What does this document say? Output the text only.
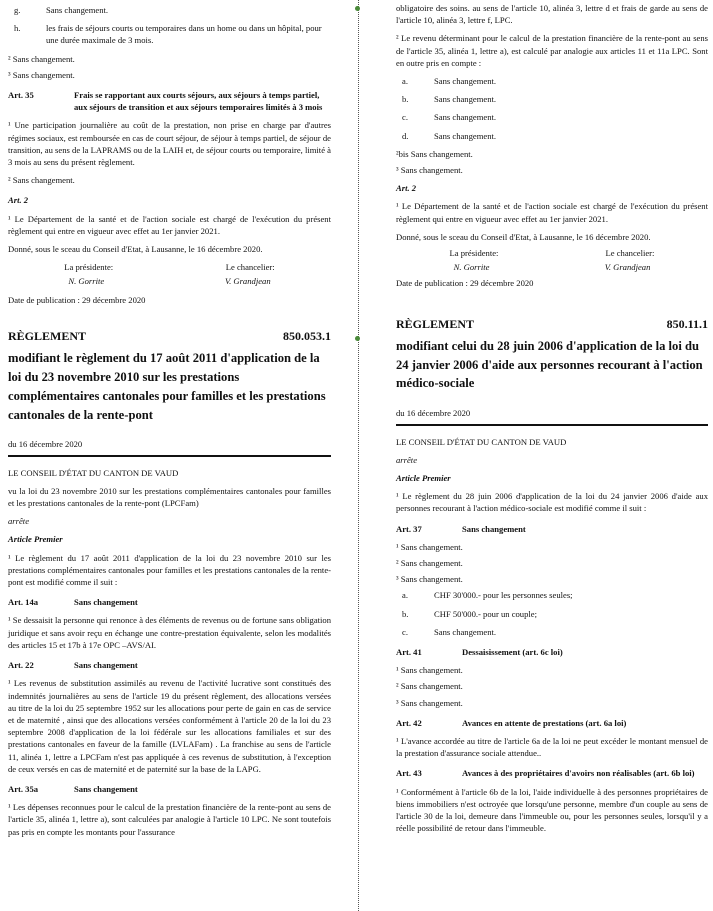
g.	Sans changement.
h.	les frais de séjours courts ou temporaires dans un home ou dans un hôpital, pour une durée maximale de 3 mois.

² Sans changement.

³ Sans changement.

Art. 35	Frais se rapportant aux courts séjours, aux séjours à temps partiel, aux séjours de transition et aux séjours temporaires limités à 3 mois

¹ Une participation journalière au coût de la prestation, non prise en charge par d'autres régimes sociaux, est remboursée en cas de court séjour, de séjour à temps partiel, de séjour de transition, au sens de la LAPRAMS ou de la LAIH et, de séjour courts ou temporaire, limité à 3 mois au sens du présent règlement.

² Sans changement.

Art. 2

¹ Le Département de la santé et de l'action sociale est chargé de l'exécution du présent règlement qui entre en vigueur avec effet au 1er janvier 2021.

Donné, sous le sceau du Conseil d'Etat, à Lausanne, le 16 décembre 2020.

La présidente:	Le chancelier:
N. Gorrite	V. Grandjean

Date de publication : 29 décembre 2020

RÈGLEMENT	850.053.1
modifiant le règlement du 17 août 2011 d'application de la loi du 23 novembre 2010 sur les prestations complémentaires cantonales pour familles et les prestations cantonales de la rente-pont

du 16 décembre 2020

LE CONSEIL D'ÉTAT DU CANTON DE VAUD

vu la loi du 23 novembre 2010 sur les prestations complémentaires cantonales pour familles et les prestations cantonales de la rente-pont (LPCFam)

arrête

Article Premier

¹ Le règlement du 17 août 2011 d'application de la loi du 23 novembre 2010 sur les prestations complémentaires cantonales pour familles et les prestations cantonales de la rente-pont est modifié comme il suit :

Art. 14a	Sans changement

¹ Se dessaisit la personne qui renonce à des éléments de revenus ou de fortune sans obligation juridique et sans avoir reçu en échange une contre-prestation équivalente, selon les modalités des articles 15 et 17b à 17e OPC –AVS/AI.

Art. 22	Sans changement

¹ Les revenus de substitution assimilés au revenu de l'activité lucrative sont constitués des indemnités journalières au sens de l'article 19 du présent règlement, des allocations versées au titre de la loi du 25 septembre 1952 sur les allocations pour perte de gain en cas de service et de maternité , ainsi que des allocations versées conformément à l'article 20 de la loi du 23 septembre 2008 d'application de la loi fédérale sur les allocations familiales et sur des prestations cantonales en faveur de la famille (LVLAFam) . La franchise au sens de l'article 11, alinéa 1, lettre a LPCFam n'est pas appliquée à ces revenus de substitution, à l'exception de ceux versés en cas de maternité et de paternité sur la base de la LAPG.

Art. 35a	Sans changement

¹ Les dépenses reconnues pour le calcul de la prestation financière de la rente-pont au sens de l'article 35, alinéa 1, lettre a), sont calculées par analogie à l'article 10 LPC. Ne sont toutefois pas pris en compte les montants pour l'assurance

obligatoire des soins. au sens de l'article 10, alinéa 3, lettre d et frais de garde au sens de l'article 10, alinéa 3, lettre f, LPC.

² Le revenu déterminant pour le calcul de la prestation financière de la rente-pont au sens de l'article 35, alinéa 1, lettre a), est calculé par analogie aux articles 11 et 11a LPC. Sont en outre pris en compte :

a.	Sans changement.
b.	Sans changement.
c.	Sans changement.
d.	Sans changement.

²bis Sans changement.

³ Sans changement.

Art. 2

¹ Le Département de la santé et de l'action sociale est chargé de l'exécution du présent règlement qui entre en vigueur avec effet au 1er janvier 2021.

Donné, sous le sceau du Conseil d'Etat, à Lausanne, le 16 décembre 2020.

La présidente:	Le chancelier:
N. Gorrite	V. Grandjean

Date de publication : 29 décembre 2020

RÈGLEMENT	850.11.1
modifiant celui du 28 juin 2006 d'application de la loi du 24 janvier 2006 d'aide aux personnes recourant à l'action médico-sociale

du 16 décembre 2020

LE CONSEIL D'ÉTAT DU CANTON DE VAUD

arrête

Article Premier

¹ Le règlement du 28 juin 2006 d'application de la loi du 24 janvier 2006 d'aide aux personnes recourant à l'action médico-sociale est modifié comme il suit :

Art. 37	Sans changement

¹ Sans changement.

² Sans changement.

³ Sans changement.

a.	CHF 30'000.- pour les personnes seules;
b.	CHF 50'000.- pour un couple;
c.	Sans changement.
Art. 41	Dessaisissement (art. 6c loi)

¹ Sans changement.

² Sans changement.

³ Sans changement.

Art. 42	Avances en attente de prestations (art. 6a loi)

¹ L'avance accordée au titre de l'article 6a de la loi ne peut excéder le montant mensuel de la prestation d'assurance sociale attendue..

Art. 43	Avances à des propriétaires d'avoirs non réalisables (art. 6b loi)

¹ Conformément à l'article 6b de la loi, l'aide individuelle à des personnes propriétaires de biens immobiliers n'est octroyée que lorsqu'une personne, membre d'un couple au sens de l'article 30 de la loi, demeure dans l'immeuble ou, pour les personnes seules, lorsqu'il y a réelle possibilité de retour dans l'immeuble.
